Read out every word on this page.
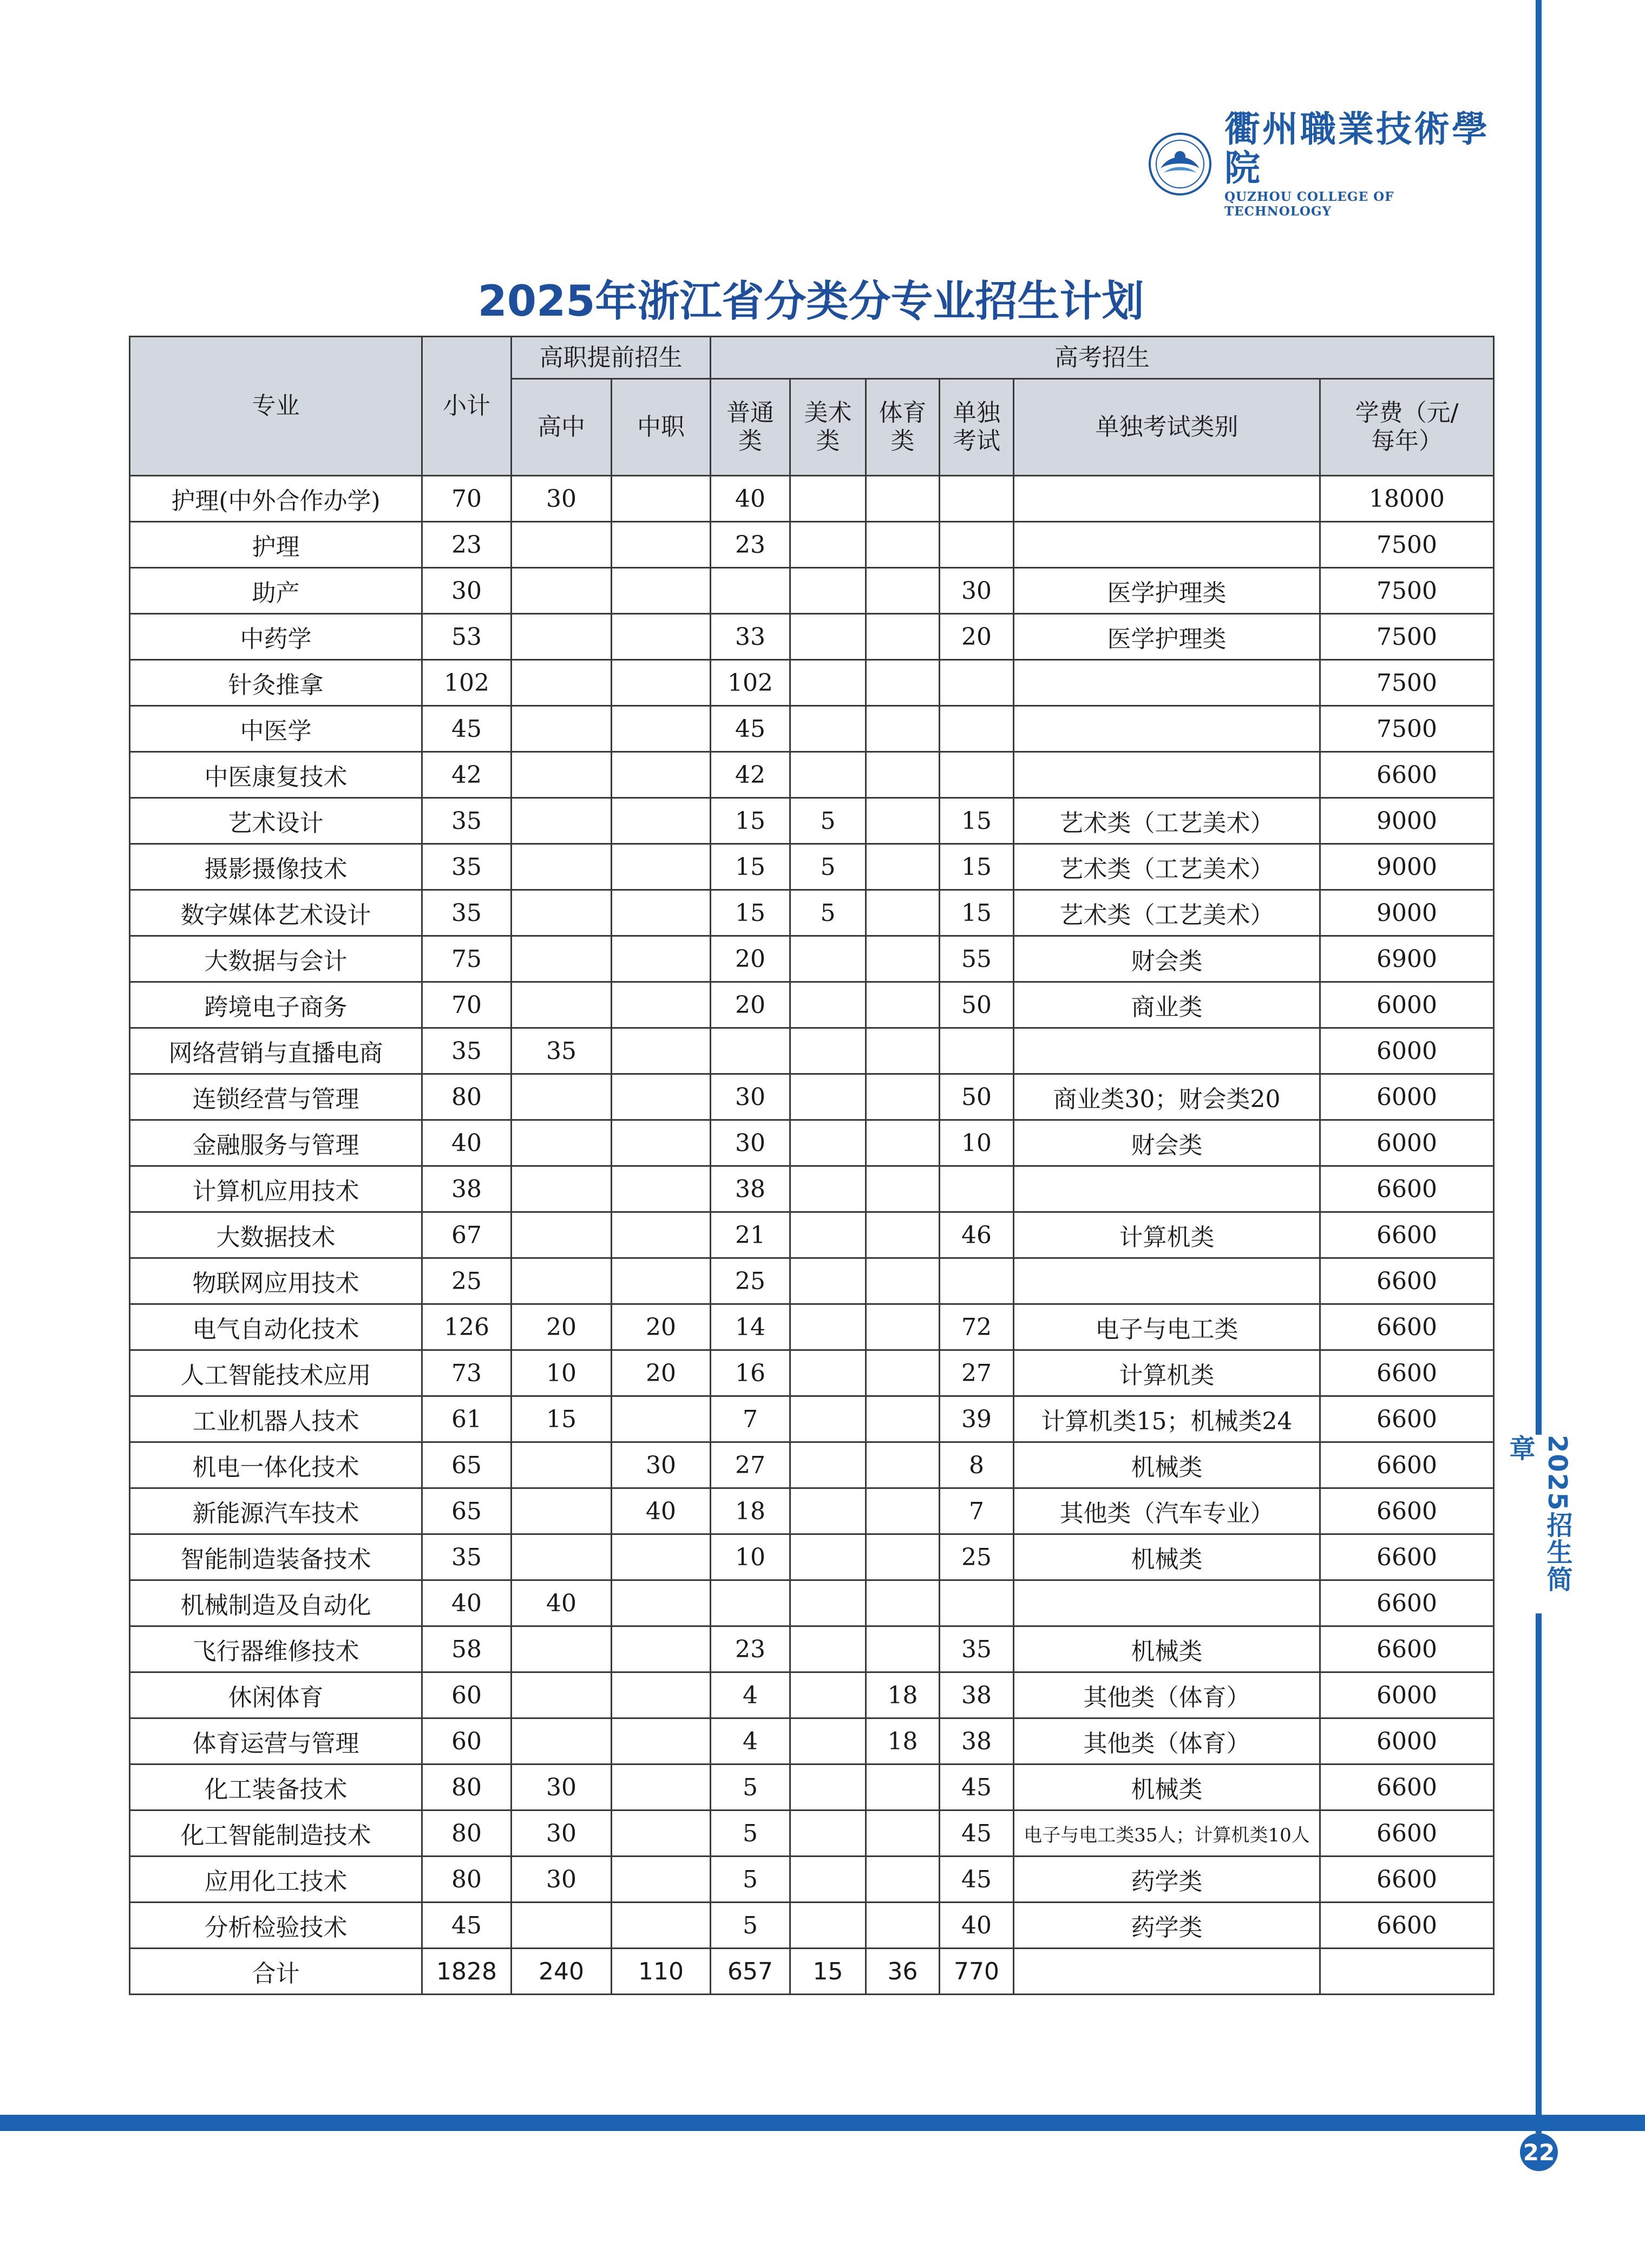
2025招生简章
22
衢州職業技術學院
QUZHOU COLLEGE OF TECHNOLOGY
2025年浙江省分类分专业招生计划
专业	小计	高职提前招生		高考招生					
		高中	中职	普通类	美术类	体育类	单独考试	单独考试类别	学费（元/每年）
护理(中外合作办学)	70	30		40					18000
护理	23			23					7500
助产	30						30	医学护理类	7500
中药学	53			33			20	医学护理类	7500
针灸推拿	102			102					7500
中医学	45			45					7500
中医康复技术	42			42					6600
艺术设计	35			15	5		15	艺术类（工艺美术）	9000
摄影摄像技术	35			15	5		15	艺术类（工艺美术）	9000
数字媒体艺术设计	35			15	5		15	艺术类（工艺美术）	9000
大数据与会计	75			20			55	财会类	6900
跨境电子商务	70			20			50	商业类	6000
网络营销与直播电商	35	35							6000
连锁经营与管理	80			30			50	商业类30；财会类20	6000
金融服务与管理	40			30			10	财会类	6000
计算机应用技术	38			38					6600
大数据技术	67			21			46	计算机类	6600
物联网应用技术	25			25					6600
电气自动化技术	126	20	20	14			72	电子与电工类	6600
人工智能技术应用	73	10	20	16			27	计算机类	6600
工业机器人技术	61	15		7			39	计算机类15；机械类24	6600
机电一体化技术	65		30	27			8	机械类	6600
新能源汽车技术	65		40	18			7	其他类（汽车专业）	6600
智能制造装备技术	35			10			25	机械类	6600
机械制造及自动化	40	40							6600
飞行器维修技术	58			23			35	机械类	6600
休闲体育	60			4		18	38	其他类（体育）	6000
体育运营与管理	60			4		18	38	其他类（体育）	6000
化工装备技术	80	30		5			45	机械类	6600
化工智能制造技术	80	30		5			45	电子与电工类35人；计算机类10人	6600
应用化工技术	80	30		5			45	药学类	6600
分析检验技术	45			5			40	药学类	6600
合计	1828	240	110	657	15	36	770		
